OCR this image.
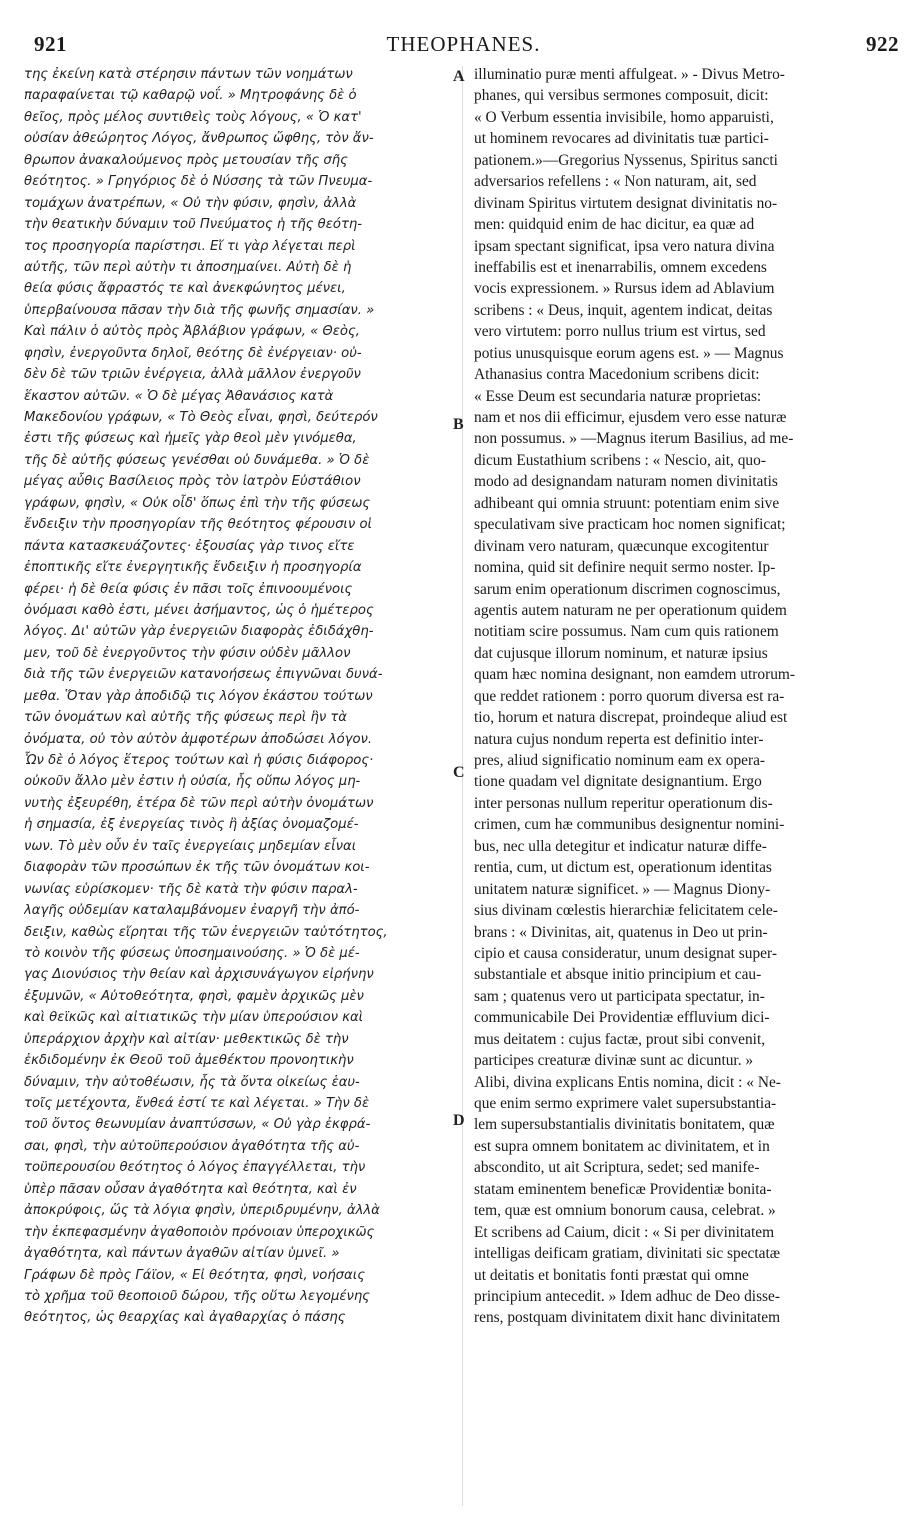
921	THEOPHANES.	922
της ἐκείνη κατὰ στέρησιν πάντων τῶν νοημάτων
παραφαίνεται τῷ καθαρῷ νοΐ. » Μητροφάνης δὲ ὁ
θεῖος, πρὸς μέλος συντιθεὶς τοὺς λόγους, « Ὁ κατ'
οὐσίαν ἀθεώρητος Λόγος, ἄνθρωπος ὤφθης, τὸν ἄν-
θρωπον ἀνακαλούμενος πρὸς μετουσίαν τῆς σῆς
θεότητος. » Γρηγόριος δὲ ὁ Νύσσης τὰ τῶν Πνευμα-
τομάχων ἀνατρέπων, « Οὐ τὴν φύσιν, φησὶν, ἀλλὰ
τὴν θεατικὴν δύναμιν τοῦ Πνεύματος ἡ τῆς θεότη-
τος προσηγορία παρίστησι. Εἴ τι γὰρ λέγεται περὶ
αὐτῆς, τῶν περὶ αὐτὴν τι ἀποσημαίνει. Αὐτὴ δὲ ἡ
θεία φύσις ἄφραστός τε καὶ ἀνεκφώνητος μένει,
ὑπερβαίνουσα πᾶσαν τὴν διὰ τῆς φωνῆς σημασίαν. »
Καὶ πάλιν ὁ αὐτὸς πρὸς Ἀβλάβιον γράφων, « Θεὸς,
φησὶν, ἐνεργοῦντα δηλοῖ, θεότης δὲ ἐνέργειαν· οὐ-
δὲν δὲ τῶν τριῶν ἐνέργεια, ἀλλὰ μᾶλλον ἐνεργοῦν
ἕκαστον αὐτῶν. « Ὁ δὲ μέγας Ἀθανάσιος κατὰ
Μακεδονίου γράφων, « Τὸ Θεὸς εἶναι, φησὶ, δεύτερόν
ἐστι τῆς φύσεως καὶ ἡμεῖς γὰρ θεοὶ μὲν γινόμεθα,
τῆς δὲ αὐτῆς φύσεως γενέσθαι οὐ δυνάμεθα. » Ὁ δὲ
μέγας αὖθις Βασίλειος πρὸς τὸν ἰατρὸν Εὐστάθιον
γράφων, φησὶν, « Οὐκ οἶδ' ὅπως ἐπὶ τὴν τῆς φύσεως
ἔνδειξιν τὴν προσηγορίαν τῆς θεότητος φέρουσιν οἱ
πάντα κατασκευάζοντες· ἐξουσίας γὰρ τινος εἴτε
ἐποπτικῆς εἴτε ἐνεργητικῆς ἔνδειξιν ἡ προσηγορία
φέρει· ἡ δὲ θεία φύσις ἐν πᾶσι τοῖς ἐπινοουμένοις
ὀνόμασι καθὸ ἐστι, μένει ἀσήμαντος, ὡς ὁ ἡμέτερος
λόγος. Δι' αὐτῶν γὰρ ἐνεργειῶν διαφορὰς ἐδιδάχθη-
μεν, τοῦ δὲ ἐνεργοῦντος τὴν φύσιν οὐδὲν μᾶλλον
διὰ τῆς τῶν ἐνεργειῶν κατανοήσεως ἐπιγνῶναι δυνά-
μεθα. Ὅταν γὰρ ἀποδιδῷ τις λόγον ἑκάστου τούτων
τῶν ὀνομάτων καὶ αὐτῆς τῆς φύσεως περὶ ἣν τὰ
ὀνόματα, οὐ τὸν αὐτὸν ἀμφοτέρων ἀποδώσει λόγον.
Ὧν δὲ ὁ λόγος ἕτερος τούτων καὶ ἡ φύσις διάφορος·
οὐκοῦν ἄλλο μὲν ἐστιν ἡ οὐσία, ἧς οὔπω λόγος μη-
νυτὴς ἐξευρέθη, ἑτέρα δὲ τῶν περὶ αὐτὴν ὀνομάτων
ἡ σημασία, ἐξ ἐνεργείας τινὸς ἢ ἀξίας ὀνομαζομέ-
νων. Τὸ μὲν οὖν ἐν ταῖς ἐνεργείαις μηδεμίαν εἶναι
διαφορὰν τῶν προσώπων ἐκ τῆς τῶν ὀνομάτων κοι-
νωνίας εὑρίσκομεν· τῆς δὲ κατὰ τὴν φύσιν παραλ-
λαγῆς οὐδεμίαν καταλαμβάνομεν ἐναργῆ τὴν ἀπό-
δειξιν, καθὼς εἴρηται τῆς τῶν ἐνεργειῶν ταὐτότητος,
τὸ κοινὸν τῆς φύσεως ὑποσημαινούσης. » Ὁ δὲ μέ-
γας Διονύσιος τὴν θείαν καὶ ἀρχισυνάγωγον εἰρήνην
ἐξυμνῶν, « Αὐτοθεότητα, φησὶ, φαμὲν ἀρχικῶς μὲν
καὶ θεϊκῶς καὶ αἰτιατικῶς τὴν μίαν ὑπερούσιον καὶ
ὑπεράρχιον ἀρχὴν καὶ αἰτίαν· μεθεκτικῶς δὲ τὴν
ἐκδιδομένην ἐκ Θεοῦ τοῦ ἀμεθέκτου προνοητικὴν
δύναμιν, τὴν αὐτοθέωσιν, ἧς τὰ ὄντα οἰκείως ἑαυ-
τοῖς μετέχοντα, ἔνθεά ἐστί τε καὶ λέγεται. » Τὴν δὲ
τοῦ ὄντος θεωνυμίαν ἀναπτύσσων, « Οὐ γὰρ ἐκφρά-
σαι, φησὶ, τὴν αὐτοϋπερούσιον ἀγαθότητα τῆς αὐ-
τοϋπερουσίου θεότητος ὁ λόγος ἐπαγγέλλεται, τὴν
ὑπὲρ πᾶσαν οὖσαν ἀγαθότητα καὶ θεότητα, καὶ ἐν
ἀποκρύφοις, ὥς τὰ λόγια φησὶν, ὑπεριδρυμένην, ἀλλὰ
τὴν ἐκπεφασμένην ἀγαθοποιὸν πρόνοιαν ὑπεροχικῶς
ἀγαθότητα, καὶ πάντων ἀγαθῶν αἰτίαν ὑμνεῖ. »
Γράφων δὲ πρὸς Γάϊον, « Εἰ θεότητα, φησὶ, νοήσαις
τὸ χρῆμα τοῦ θεοποιοῦ δώρου, τῆς οὕτω λεγομένης
θεότητος, ὡς θεαρχίας καὶ ἀγαθαρχίας ὁ πάσης
A
B
C
D
illuminatio puræ menti affulgeat. » - Divus Metro-
phanes, qui versibus sermones composuit, dicit:
« O Verbum essentia invisibile, homo apparuisti,
ut hominem revocares ad divinitatis tuæ partici-
pationem.»—Gregorius Nyssenus, Spiritus sancti
adversarios refellens : « Non naturam, ait, sed
divinam Spiritus virtutem designat divinitatis no-
men: quidquid enim de hac dicitur, ea quæ ad
ipsam spectant significat, ipsa vero natura divina
ineffabilis est et inenarrabilis, omnem excedens
vocis expressionem. » Rursus idem ad Ablavium
scribens : « Deus, inquit, agentem indicat, deitas
vero virtutem: porro nullus trium est virtus, sed
potius unusquisque eorum agens est. » — Magnus
Athanasius contra Macedonium scribens dicit:
« Esse Deum est secundaria naturæ proprietas:
nam et nos dii efficimur, ejusdem vero esse naturæ
non possumus. » —Magnus iterum Basilius, ad me-
dicum Eustathium scribens : « Nescio, ait, quo-
modo ad designandam naturam nomen divinitatis
adhibeant qui omnia struunt: potentiam enim sive
speculativam sive practicam hoc nomen significat;
divinam vero naturam, quæcunque excogitentur
nomina, quid sit definire nequit sermo noster. Ip-
sarum enim operationum discrimen cognoscimus,
agentis autem naturam ne per operationum quidem
notitiam scire possumus. Nam cum quis rationem
dat cujusque illorum nominum, et naturæ ipsius
quam hæc nomina designant, non eamdem utrorum-
que reddet rationem : porro quorum diversa est ra-
tio, horum et natura discrepat, proindeque aliud est
natura cujus nondum reperta est definitio inter-
pres, aliud significatio nominum eam ex opera-
tione quadam vel dignitate designantium. Ergo
inter personas nullum reperitur operationum dis-
crimen, cum hæ communibus designentur nomini-
bus, nec ulla detegitur et indicatur naturæ diffe-
rentia, cum, ut dictum est, operationum identitas
unitatem naturæ significet. » — Magnus Diony-
sius divinam cœlestis hierarchiæ felicitatem cele-
brans : « Divinitas, ait, quatenus in Deo ut prin-
cipio et causa consideratur, unum designat super-
substantiale et absque initio principium et cau-
sam ; quatenus vero ut participata spectatur, in-
communicabile Dei Providentiæ effluvium dici-
mus deitatem : cujus factæ, prout sibi convenit,
participes creaturæ divinæ sunt ac dicuntur. »
Alibi, divina explicans Entis nomina, dicit : « Ne-
que enim sermo exprimere valet supersubstantia-
lem supersubstantialis divinitatis bonitatem, quæ
est supra omnem bonitatem ac divinitatem, et in
abscondito, ut ait Scriptura, sedet; sed manife-
statam eminentem beneficæ Providentiæ bonita-
tem, quæ est omnium bonorum causa, celebrat. »
Et scribens ad Caium, dicit : « Si per divinitatem
intelligas deificam gratiam, divinitati sic spectatæ
ut deitatis et bonitatis fonti præstat qui omne
principium antecedit. » Idem adhuc de Deo disse-
rens, postquam divinitatem dixit hanc divinitatem
